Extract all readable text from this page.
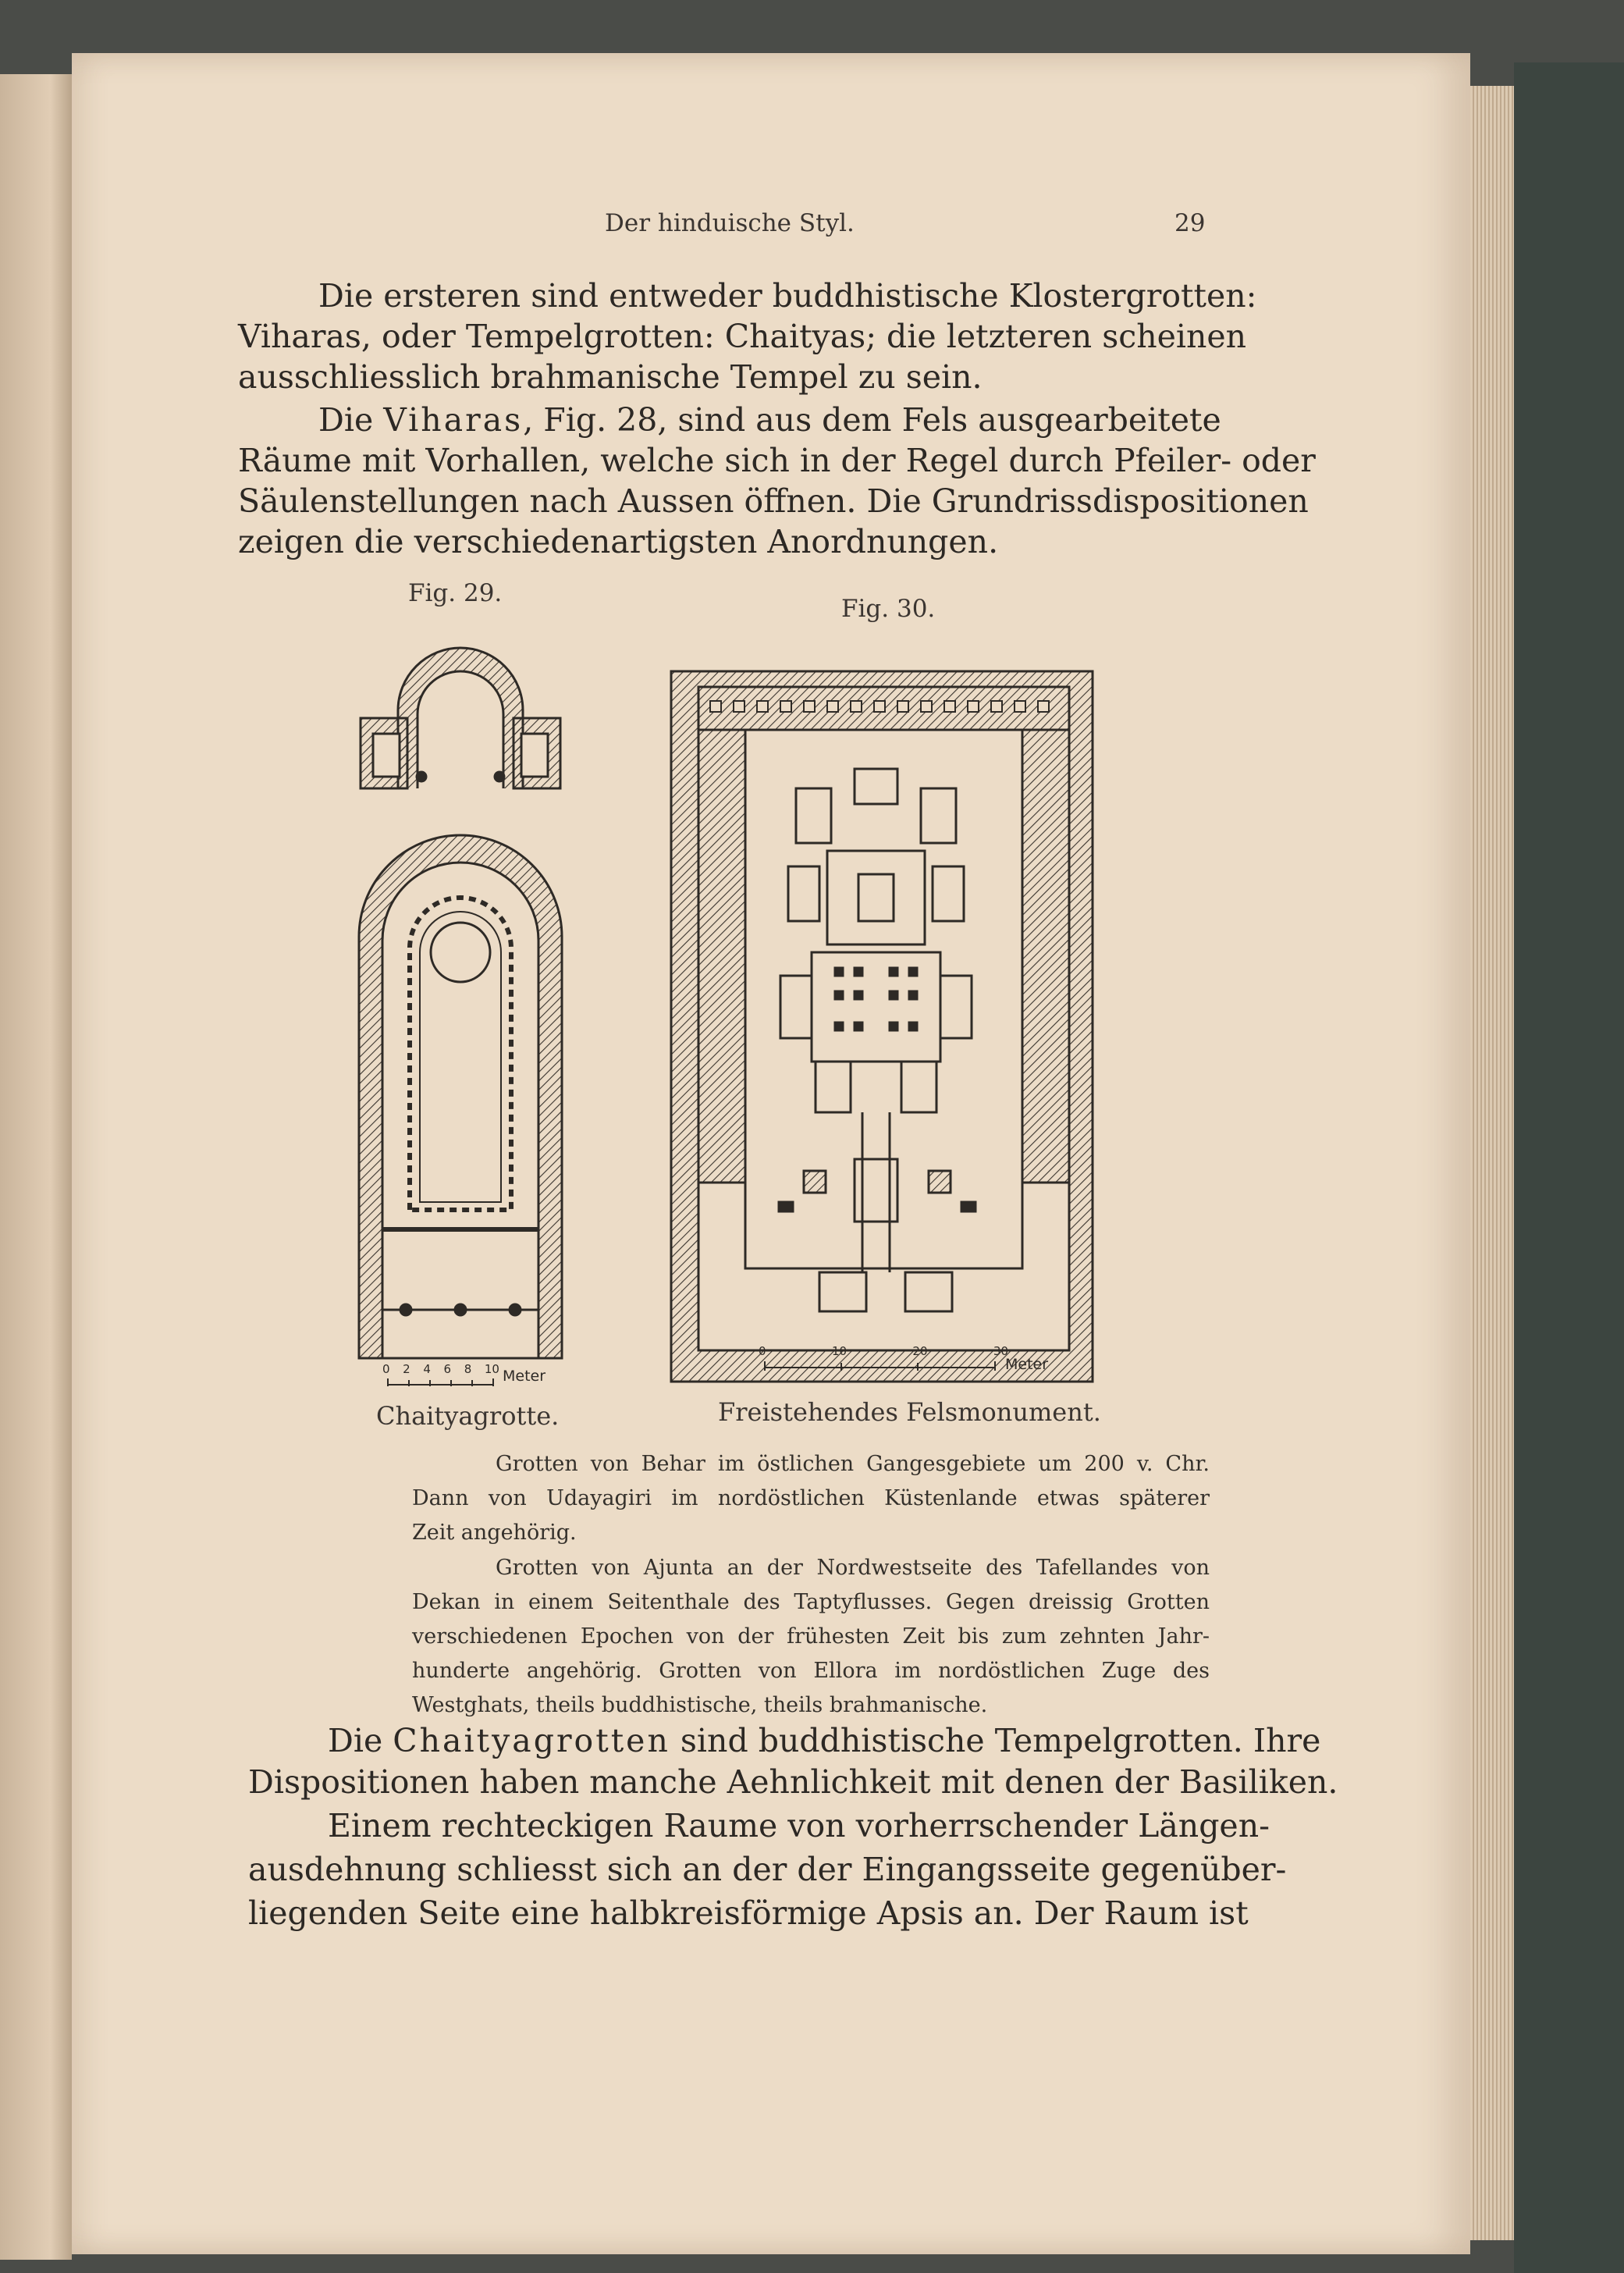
Der hinduische Styl.	29
Die ersteren sind entweder buddhistische Klostergrotten:
Viharas, oder Tempelgrotten: Chaityas; die letzteren scheinen
ausschliesslich brahmanische Tempel zu sein.
Die Viharas, Fig. 28, sind aus dem Fels ausgearbeitete
Räume mit Vorhallen, welche sich in der Regel durch Pfeiler- oder
Säulenstellungen nach Aussen öffnen. Die Grundrissdispositionen
zeigen die verschiedenartigsten Anordnungen.
Fig. 29.
Fig. 30.
0 2 4 6 8 10 Meter
0	10	20	30
Meter
Chaityagrotte.	Freistehendes Felsmonument.
Grotten von Behar im östlichen Gangesgebiete um 200 v. Chr.
Dann von Udayagiri im nordöstlichen Küstenlande etwas späterer
Zeit angehörig.
Grotten von Ajunta an der Nordwestseite des Tafellandes von
Dekan in einem Seitenthale des Taptyflusses. Gegen dreissig Grotten
verschiedenen Epochen von der frühesten Zeit bis zum zehnten Jahr-
hunderte angehörig. Grotten von Ellora im nordöstlichen Zuge des
Westghats, theils buddhistische, theils brahmanische.
Die Chaityagrotten sind buddhistische Tempelgrotten. Ihre
Dispositionen haben manche Aehnlichkeit mit denen der Basiliken.
Einem rechteckigen Raume von vorherrschender Längen-
ausdehnung schliesst sich an der der Eingangsseite gegenüber-
liegenden Seite eine halbkreisförmige Apsis an. Der Raum ist
